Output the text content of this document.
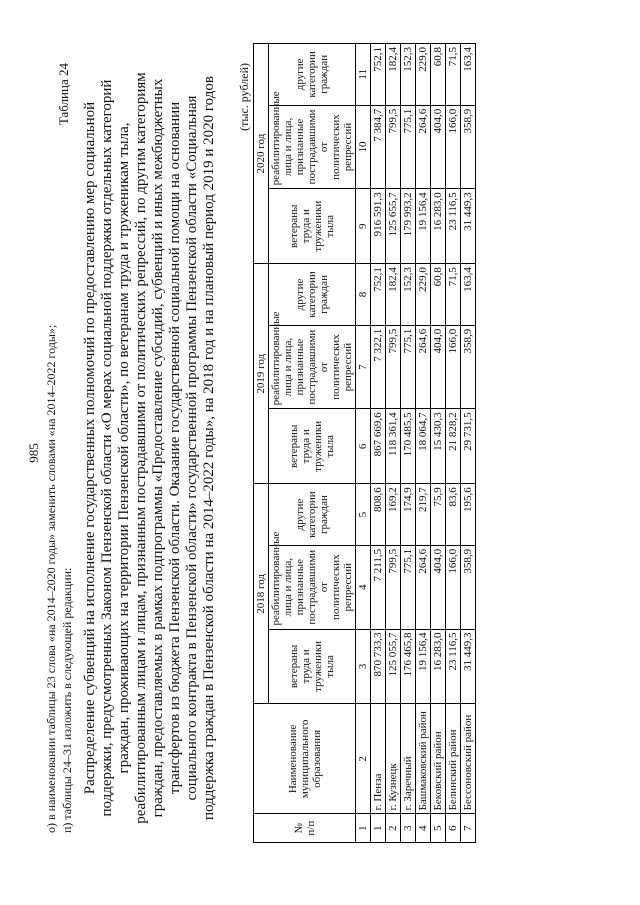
985 о) в наименовании таблицы 23 слова «на 2014–2020 годы» заменить словами «на 2014–2022 годы»; п) таблицы 24–31 изложить в следующей редакции:
Таблица 24
Распределение субвенций на исполнение государственных полномочий по предоставлению мер социальной поддержки, предусмотренных Законом Пензенской области «О мерах социальной поддержки отдельных категорий граждан, проживающих на территории Пензенской области», по ветеранам труда и труженикам тыла, реабилитированным лицам и лицам, признанным пострадавшими от политических репрессий, по другим категориям граждан, предоставляемых в рамках подпрограммы «Предоставление субсидий, субвенций и иных межбюджетных трансфертов из бюджета Пензенской области. Оказание государственной социальной помощи на основании социального контракта в Пензенской области» государственной программы Пензенской области «Социальная поддержка граждан в Пензенской области на 2014–2022 годы», на 2018 год и на плановый период 2019 и 2020 годов (тыс. рублей)
№ п/п	Наименование муниципального образования	2018 год			2019 год			2020 год		
		ветераны труда и труженики тыла	реабилитированные лица и лица, признанные пострадавшими от политических репрессий	другие категории граждан	ветераны труда и труженики тыла	реабилитированные лица и лица, признанные пострадавшими от политических репрессий	другие категории граждан	ветераны труда и труженики тыла	реабилитированные лица и лица, признанные пострадавшими от политических репрессий	другие категории граждан
1	2	3	4	5	6	7	8	9	10	11
1	г. Пенза	870 733,3	7 211,5	808,6	867 669,6	7 322,1	752,1	916 591,3	7 384,7	752,1
2	г. Кузнецк	125 055,7	799,5	169,2	118 361,4	799,5	182,4	125 655,7	799,5	182,4
3	г. Заречный	176 465,8	775,1	174,9	170 485,5	775,1	152,3	179 993,2	775,1	152,3
4	Башмаковский район	19 156,4	264,6	219,7	18 064,7	264,6	229,0	19 156,4	264,6	229,0
5	Бековский район	16 283,0	404,0	75,9	15 430,3	404,0	60,8	16 283,0	404,0	60,8
6	Белинский район	23 116,5	166,0	83,6	21 828,2	166,0	71,5	23 116,5	166,0	71,5
7	Бессоновский район	31 449,3	358,9	195,6	29 731,5	358,9	163,4	31 449,3	358,9	163,4
